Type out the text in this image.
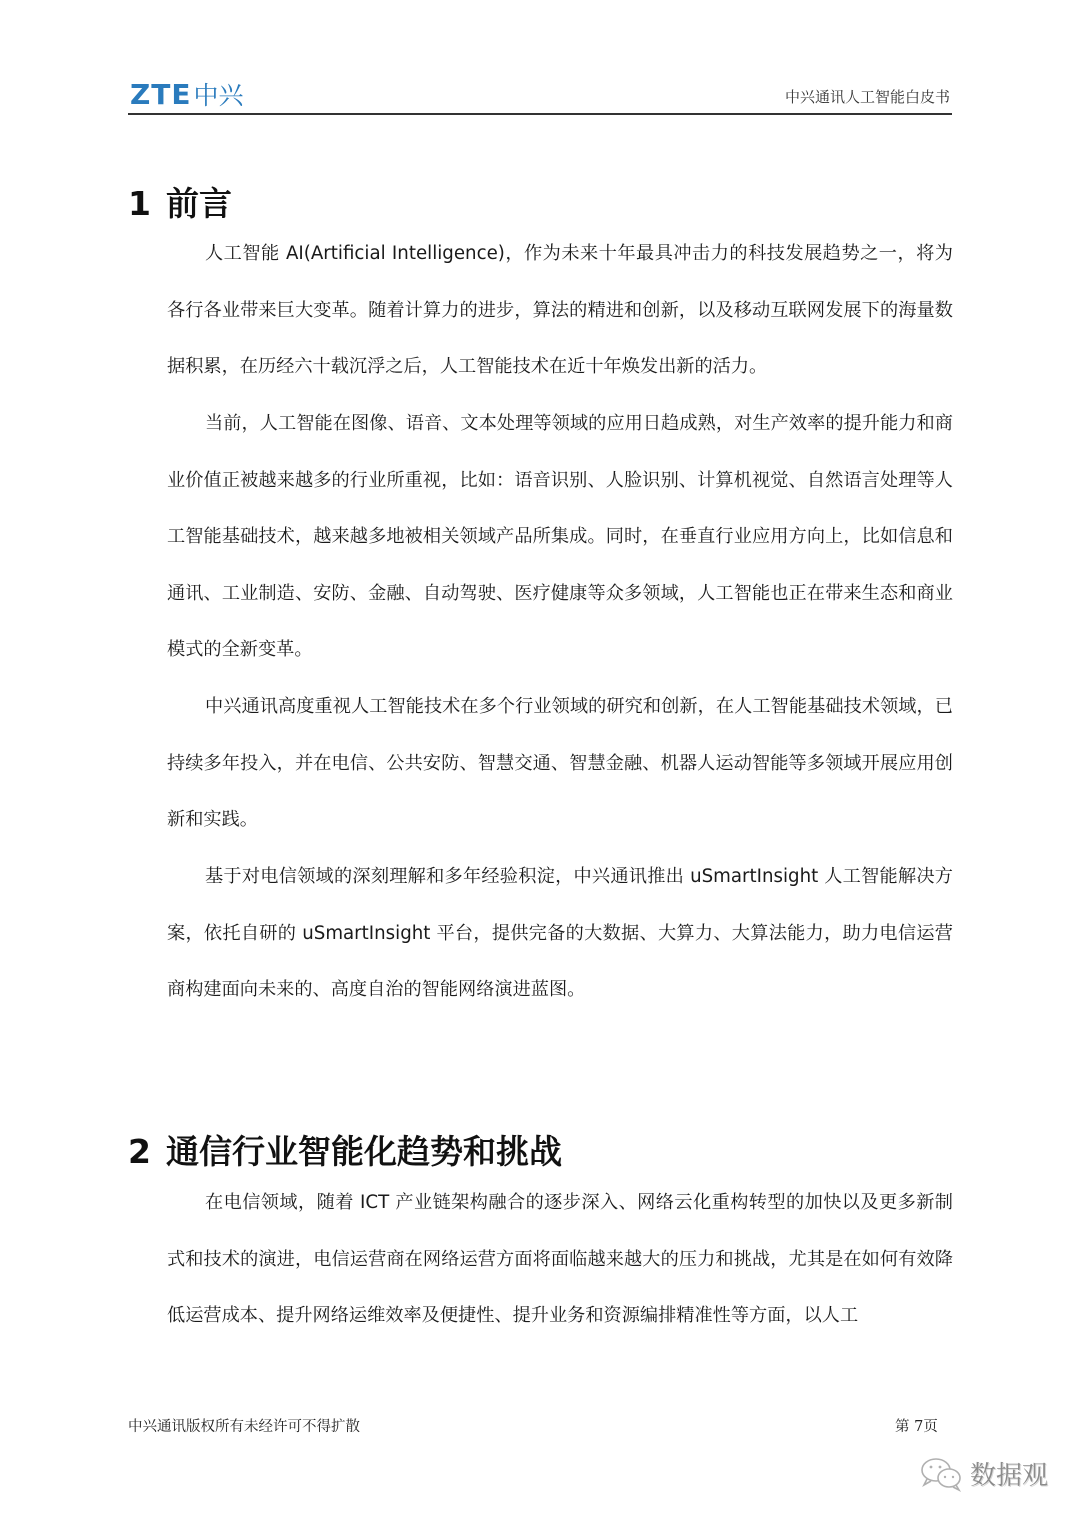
ZTE 中兴	中兴通讯人工智能白皮书
1 前言

人工智能 AI(Artificial Intelligence)，作为未来十年最具冲击力的科技发展趋势之一，将为各行各业带来巨大变革。随着计算力的进步，算法的精进和创新，以及移动互联网发展下的海量数据积累，在历经六十载沉浮之后，人工智能技术在近十年焕发出新的活力。

当前，人工智能在图像、语音、文本处理等领域的应用日趋成熟，对生产效率的提升能力和商业价值正被越来越多的行业所重视，比如：语音识别、人脸识别、计算机视觉、自然语言处理等人工智能基础技术，越来越多地被相关领域产品所集成。同时，在垂直行业应用方向上，比如信息和通讯、工业制造、安防、金融、自动驾驶、医疗健康等众多领域，人工智能也正在带来生态和商业模式的全新变革。

中兴通讯高度重视人工智能技术在多个行业领域的研究和创新，在人工智能基础技术领域，已持续多年投入，并在电信、公共安防、智慧交通、智慧金融、机器人运动智能等多领域开展应用创新和实践。

基于对电信领域的深刻理解和多年经验积淀，中兴通讯推出 uSmartInsight 人工智能解决方案，依托自研的 uSmartInsight 平台，提供完备的大数据、大算力、大算法能力，助力电信运营商构建面向未来的、高度自治的智能网络演进蓝图。

2 通信行业智能化趋势和挑战

在电信领域，随着 ICT 产业链架构融合的逐步深入、网络云化重构转型的加快以及更多新制式和技术的演进，电信运营商在网络运营方面将面临越来越大的压力和挑战，尤其是在如何有效降低运营成本、提升网络运维效率及便捷性、提升业务和资源编排精准性等方面，以人工

中兴通讯版权所有未经许可不得扩散	第 7页
数据观
